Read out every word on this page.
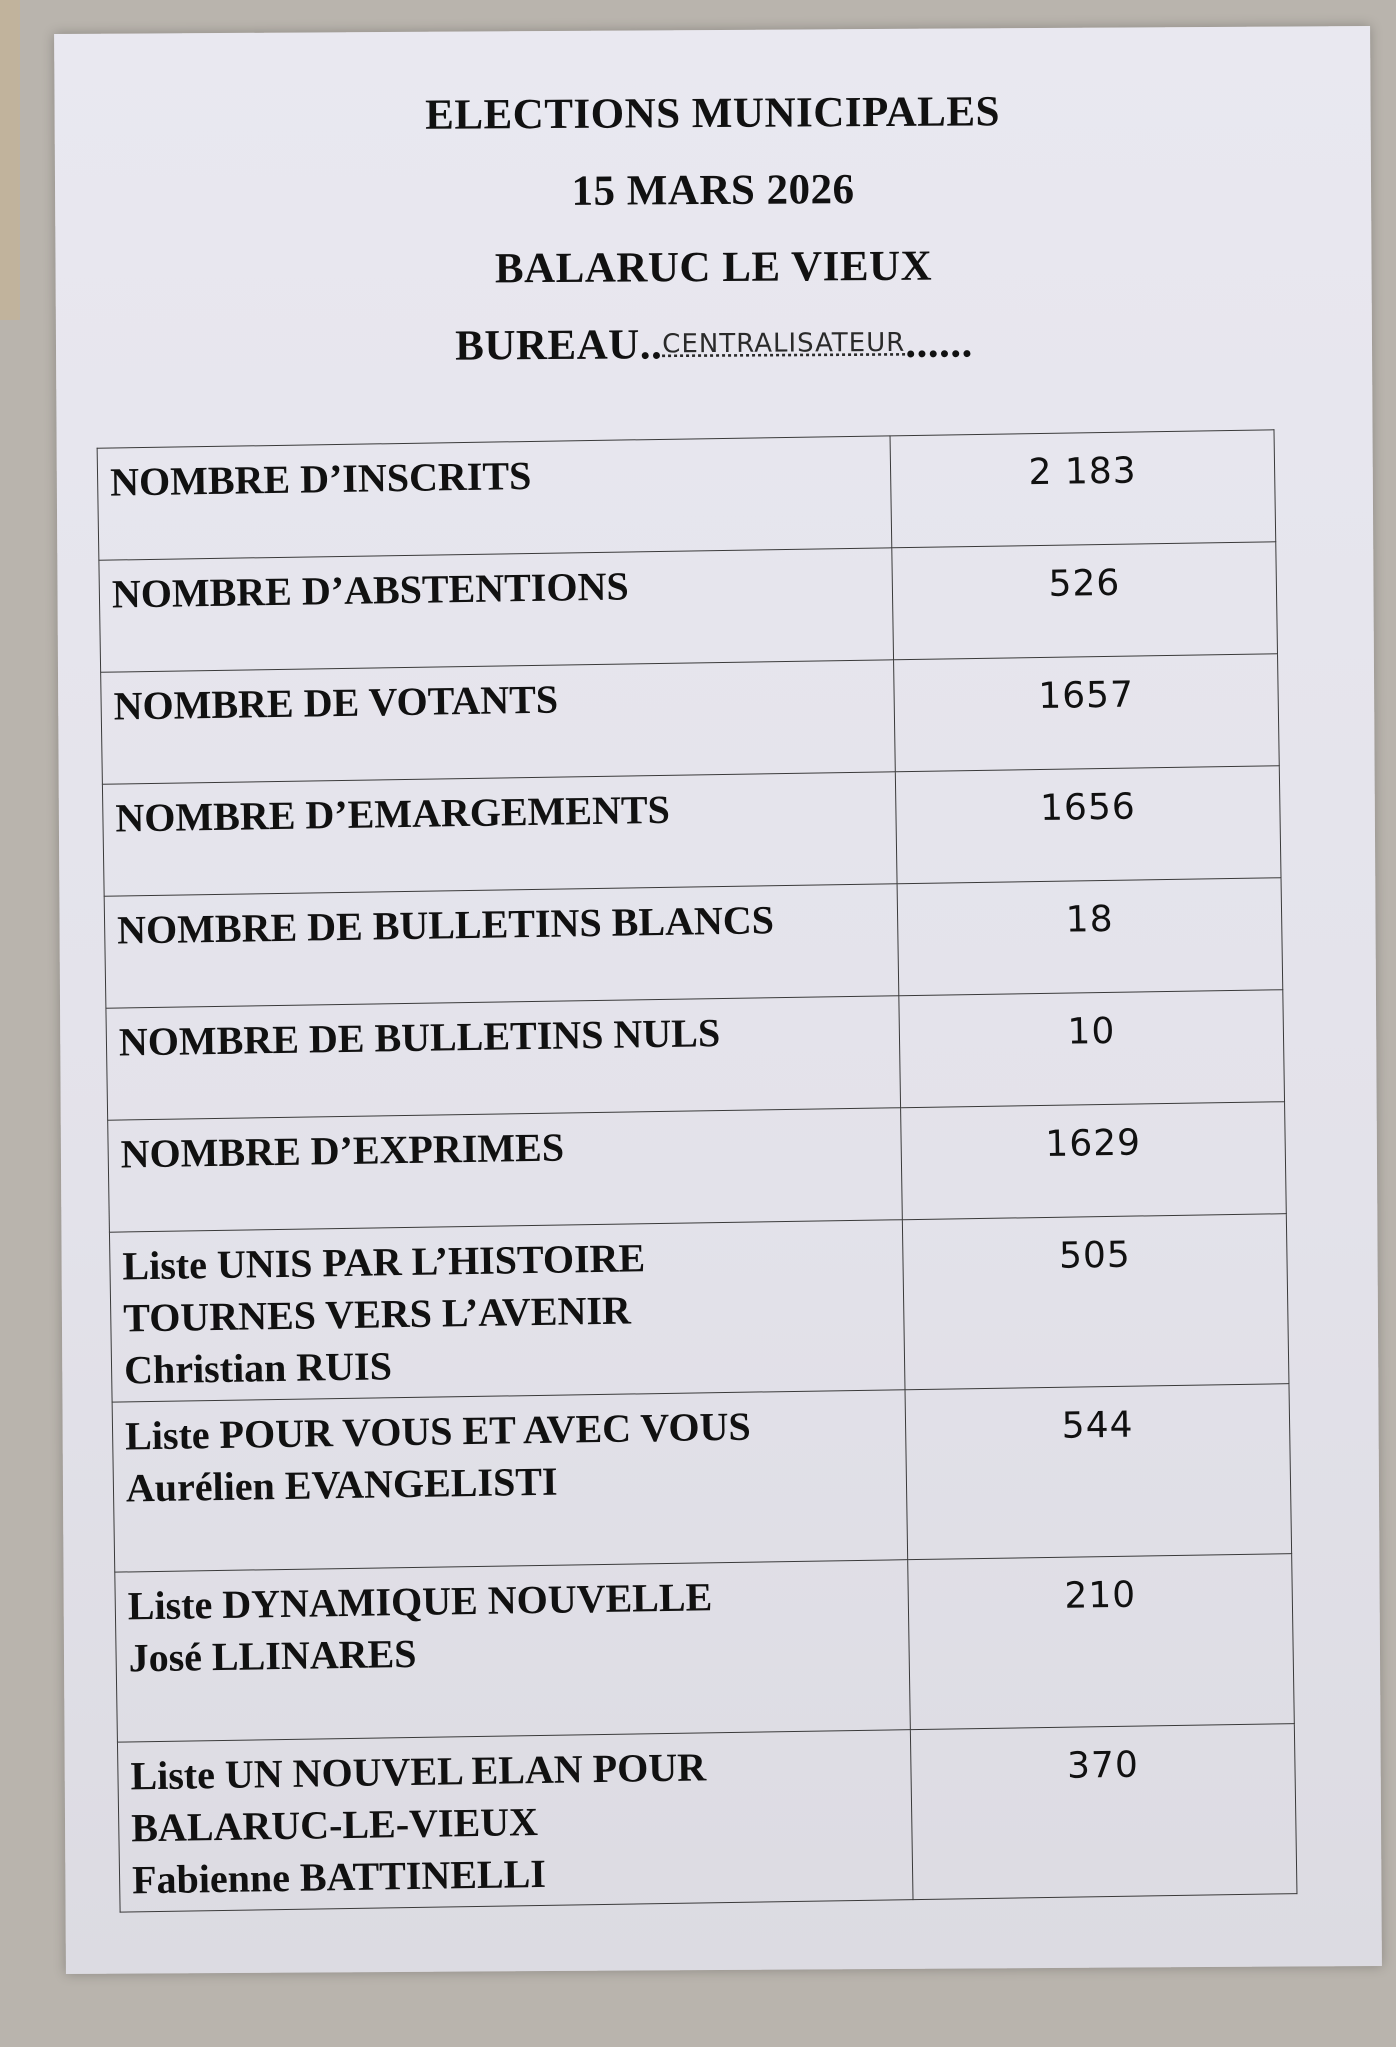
ELECTIONS MUNICIPALES
15 MARS 2026
BALARUC LE VIEUX
BUREAU..CENTRALISATEUR......
NOMBRE D’INSCRITS	2 183
NOMBRE D’ABSTENTIONS	526
NOMBRE DE VOTANTS	1657
NOMBRE D’EMARGEMENTS	1656
NOMBRE DE BULLETINS BLANCS	18
NOMBRE DE BULLETINS NULS	10
NOMBRE D’EXPRIMES	1629

Liste UNIS PAR L’HISTOIRE
TOURNES VERS L’AVENIR
Christian RUIS	505

Liste POUR VOUS ET AVEC VOUS
Aurélien EVANGELISTI	544

Liste DYNAMIQUE NOUVELLE
José LLINARES	210

Liste UN NOUVEL ELAN POUR
BALARUC-LE-VIEUX
Fabienne BATTINELLI	370
